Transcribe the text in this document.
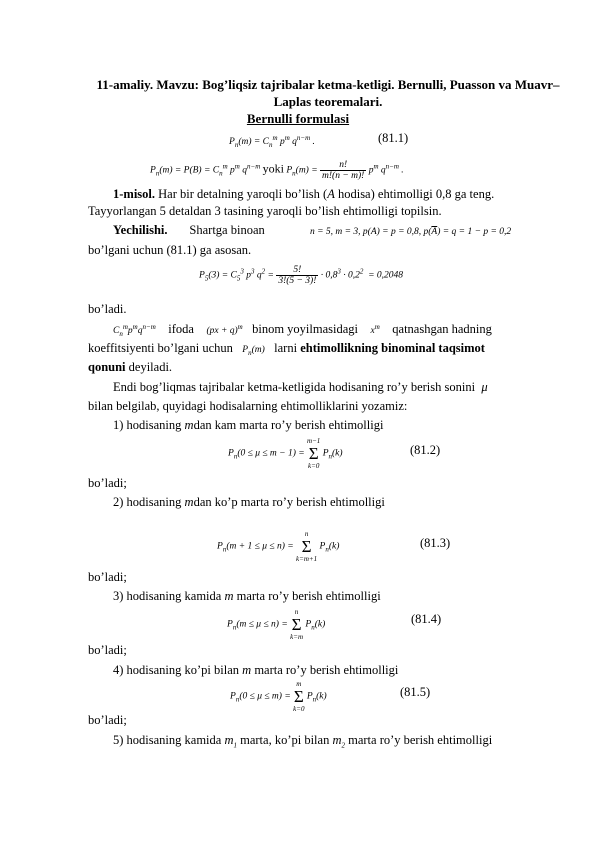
11-amaliy. Mavzu: Bog’liqsiz tajribalar ketma-ketligi. Bernulli, Puasson va Muavr–Laplas teoremalari.
Bernulli formulasi
$P_n(m) = C_n^m$ $p^m$ $q^{n-m}$ .	(81.1)
$P_n(m) = P(B) = C_n^m$ $p^m$ $q^{n-m}$ yoki $P_n(m) = \frac{n!}{m!(n - m)!} p^m$ $q^{n-m}$ .
1-misol. Har bir detalning yaroqli bo’lish (A hodisa) ehtimolligi 0,8 ga teng.
Tayyorlangan 5 detaldan 3 tasining yaroqli bo’lish ehtimolligi topilsin.
Yechilishi. Shartga binoan	n = 5, m = 3, p(A) = p = 0,8, $p(\overline{A}) = q = 1 - p = 0,2$
bo’lgani uchun (81.1) ga asosan.
$P_5(3) = C_5^3$ $p^3$ $q^2 = \frac{5!}{3!(5 - 3)!} \cdot 0,8^3 \cdot 0,2^2 = 0,2048$
bo’ladi.
$C_n^mp^mq^{n-m}$ ifoda (px + q)$^m$ binom yoyilmasidagi $x^m$ qatnashgan hadning
koeffitsiyenti bo’lgani uchun $P_n(m)$ larni ehtimollikning binominal taqsimot
qonuni deyiladi.
Endi bog’liqmas tajribalar ketma-ketligida hodisaning ro’y berish sonini μ
bilan belgilab, quyidagi hodisalarning ehtimolliklarini yozamiz:
1) hodisaning mdan kam marta ro’y berish ehtimolligi
$P_n(0 \le \mu \le m - 1)$ =
m−1
Σ
k=0
$P_n(k)$	(81.2)
bo’ladi;
2) hodisaning mdan ko’p marta ro’y berish ehtimolligi
$P_n(m + 1 \le \mu \le n)$ =
n
Σ
k=m+1
$P_n(k)$	(81.3)
bo’ladi;
3) hodisaning kamida m marta ro’y berish ehtimolligi
$P_n(m \le \mu \le n)$ =
n
Σ
k=m
$P_n(k)$	(81.4)
bo’ladi;
4) hodisaning ko’pi bilan m marta ro’y berish ehtimolligi
$P_n(0 \le \mu \le m)$ =
m
Σ
k=0
$P_n(k)$	(81.5)
bo’ladi;
5) hodisaning kamida $m_1$ marta, ko’pi bilan $m_2$ marta ro’y berish ehtimolligi
